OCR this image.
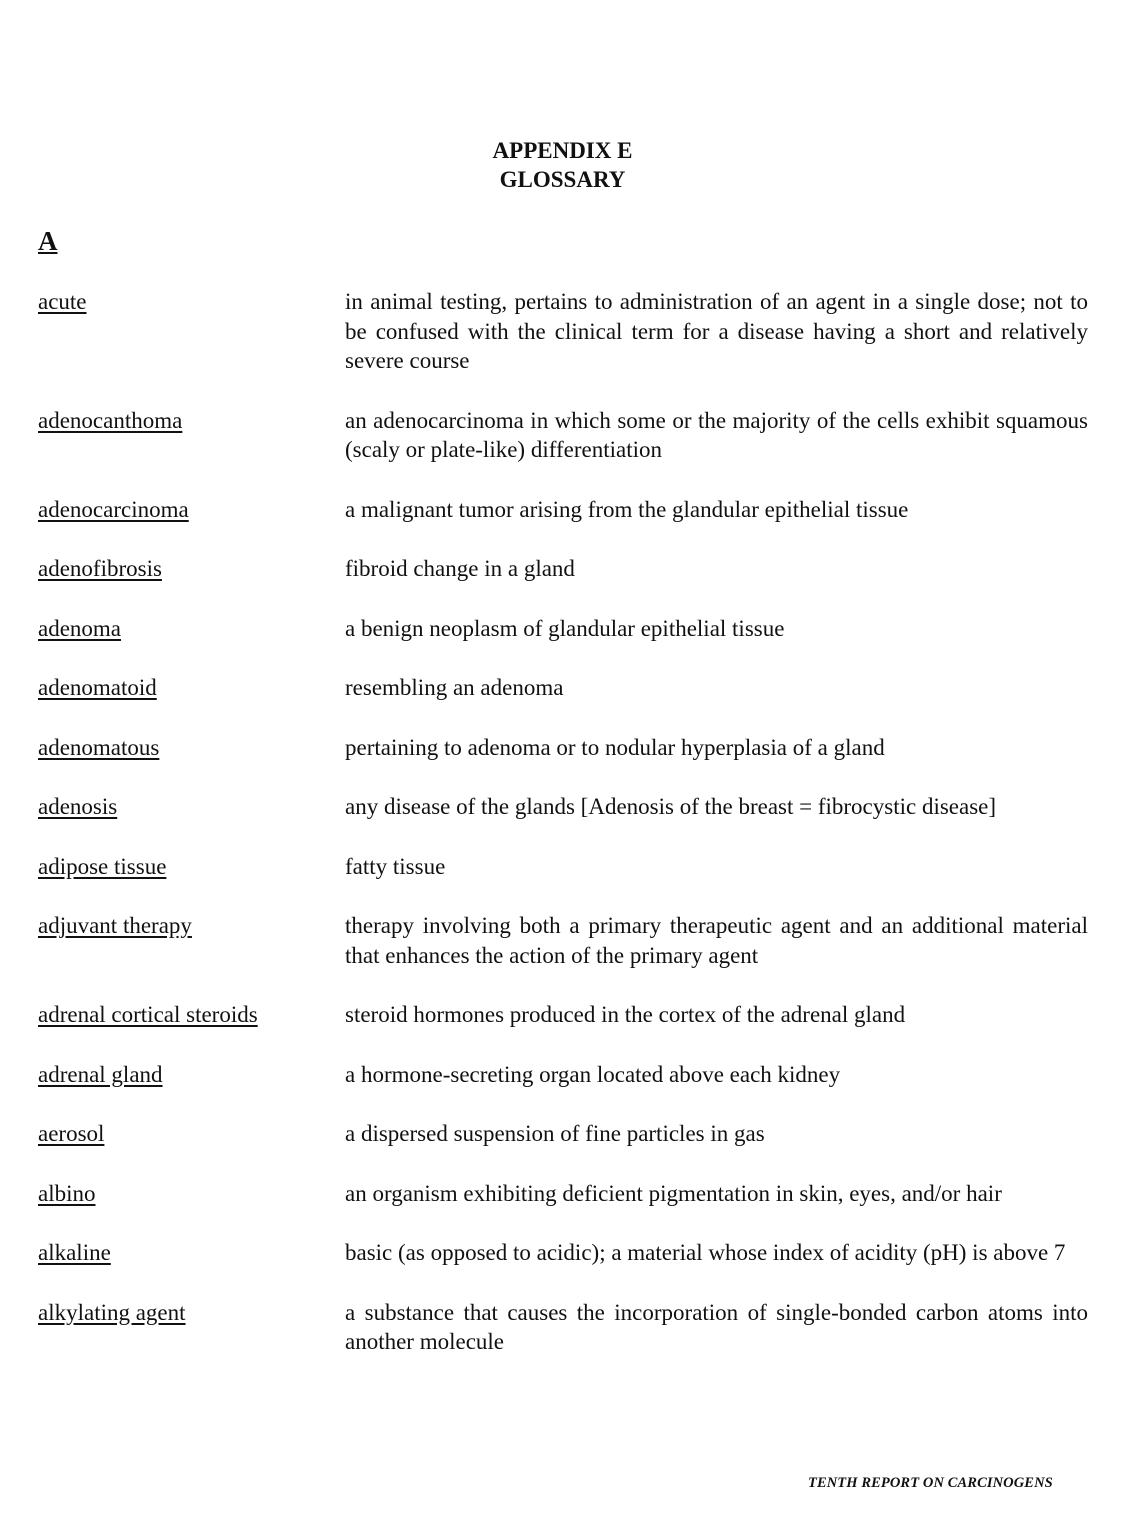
APPENDIX E
GLOSSARY
A
acute	in animal testing, pertains to administration of an agent in a single dose; not to be confused with the clinical term for a disease having a short and relatively severe course
adenocanthoma	an adenocarcinoma in which some or the majority of the cells exhibit squamous (scaly or plate-like) differentiation
adenocarcinoma	a malignant tumor arising from the glandular epithelial tissue
adenofibrosis	fibroid change in a gland
adenoma	a benign neoplasm of glandular epithelial tissue
adenomatoid	resembling an adenoma
adenomatous	pertaining to adenoma or to nodular hyperplasia of a gland
adenosis	any disease of the glands [Adenosis of the breast = fibrocystic disease]
adipose tissue	fatty tissue
adjuvant therapy	therapy involving both a primary therapeutic agent and an additional material that enhances the action of the primary agent
adrenal cortical steroids	steroid hormones produced in the cortex of the adrenal gland
adrenal gland	a hormone-secreting organ located above each kidney
aerosol	a dispersed suspension of fine particles in gas
albino	an organism exhibiting deficient pigmentation in skin, eyes, and/or hair
alkaline	basic (as opposed to acidic); a material whose index of acidity (pH) is above 7
alkylating agent	a substance that causes the incorporation of single-bonded carbon atoms into another molecule
TENTH REPORT ON CARCINOGENS
